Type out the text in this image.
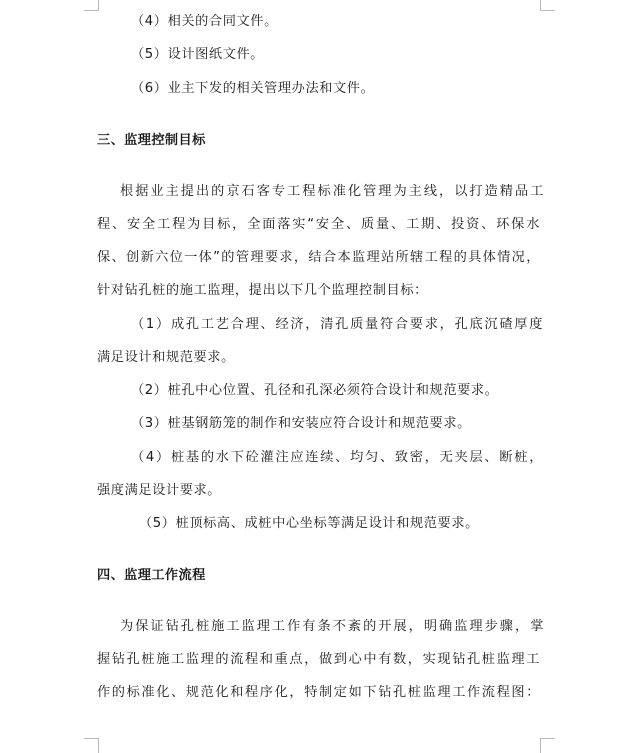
（4）相关的合同文件。
（5）设计图纸文件。
（6）业主下发的相关管理办法和文件。
三、监理控制目标
根据业主提出的京石客专工程标准化管理为主线，以打造精品工
程、安全工程为目标，全面落实“安全、质量、工期、投资、环保水
保、创新六位一体”的管理要求，结合本监理站所辖工程的具体情况，
针对钻孔桩的施工监理，提出以下几个监理控制目标：
（1）成孔工艺合理、经济，清孔质量符合要求，孔底沉碴厚度
满足设计和规范要求。
（2）桩孔中心位置、孔径和孔深必须符合设计和规范要求。
（3）桩基钢筋笼的制作和安装应符合设计和规范要求。
（4）桩基的水下砼灌注应连续、均匀、致密，无夹层、断桩，
强度满足设计要求。
（5）桩顶标高、成桩中心坐标等满足设计和规范要求。
四、监理工作流程
为保证钻孔桩施工监理工作有条不紊的开展，明确监理步骤，掌
握钻孔桩施工监理的流程和重点，做到心中有数，实现钻孔桩监理工
作的标准化、规范化和程序化，特制定如下钻孔桩监理工作流程图：
